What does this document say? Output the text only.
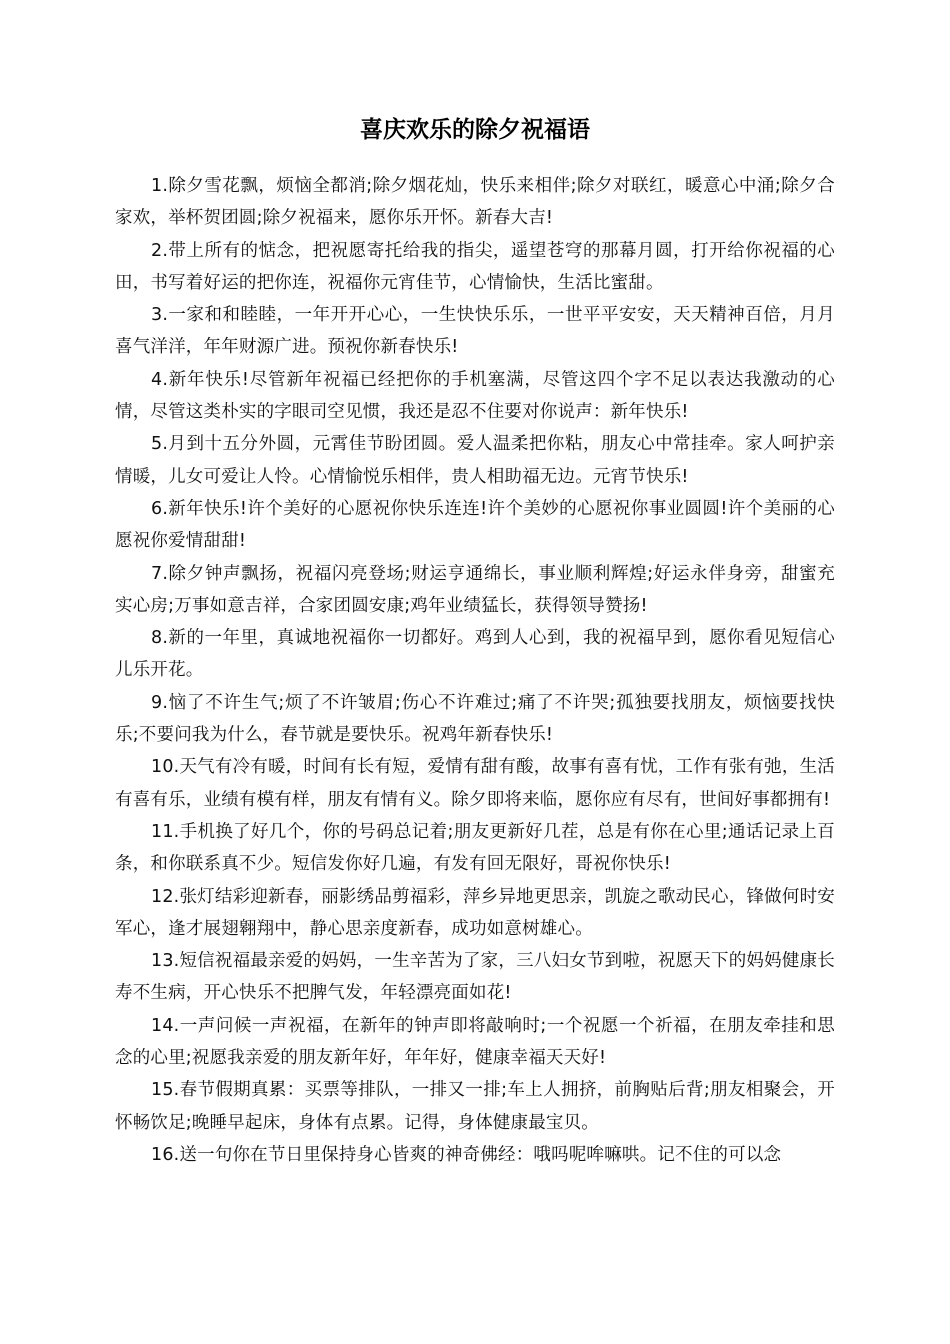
喜庆欢乐的除夕祝福语

1.除夕雪花飘，烦恼全都消;除夕烟花灿，快乐来相伴;除夕对联红，暖意心中涌;除夕合家欢，举杯贺团圆;除夕祝福来，愿你乐开怀。新春大吉!

2.带上所有的惦念，把祝愿寄托给我的指尖，遥望苍穹的那幕月圆，打开给你祝福的心田，书写着好运的把你连，祝福你元宵佳节，心情愉快，生活比蜜甜。

3.一家和和睦睦，一年开开心心，一生快快乐乐，一世平平安安，天天精神百倍，月月喜气洋洋，年年财源广进。预祝你新春快乐!

4.新年快乐!尽管新年祝福已经把你的手机塞满，尽管这四个字不足以表达我激动的心情，尽管这类朴实的字眼司空见惯，我还是忍不住要对你说声：新年快乐!

5.月到十五分外圆，元霄佳节盼团圆。爱人温柔把你粘，朋友心中常挂牵。家人呵护亲情暖，儿女可爱让人怜。心情愉悦乐相伴，贵人相助福无边。元宵节快乐!

6.新年快乐!许个美好的心愿祝你快乐连连!许个美妙的心愿祝你事业圆圆!许个美丽的心愿祝你爱情甜甜!

7.除夕钟声飘扬，祝福闪亮登场;财运亨通绵长，事业顺利辉煌;好运永伴身旁，甜蜜充实心房;万事如意吉祥，合家团圆安康;鸡年业绩猛长，获得领导赞扬!

8.新的一年里，真诚地祝福你一切都好。鸡到人心到，我的祝福早到，愿你看见短信心儿乐开花。

9.恼了不许生气;烦了不许皱眉;伤心不许难过;痛了不许哭;孤独要找朋友，烦恼要找快乐;不要问我为什么，春节就是要快乐。祝鸡年新春快乐!

10.天气有冷有暖，时间有长有短，爱情有甜有酸，故事有喜有忧，工作有张有弛，生活有喜有乐，业绩有模有样，朋友有情有义。除夕即将来临，愿你应有尽有，世间好事都拥有!

11.手机换了好几个，你的号码总记着;朋友更新好几茬，总是有你在心里;通话记录上百条，和你联系真不少。短信发你好几遍，有发有回无限好，哥祝你快乐!

12.张灯结彩迎新春，丽影绣品剪福彩，萍乡异地更思亲，凯旋之歌动民心，锋做何时安军心，逢才展翅翱翔中，静心思亲度新春，成功如意树雄心。

13.短信祝福最亲爱的妈妈，一生辛苦为了家，三八妇女节到啦，祝愿天下的妈妈健康长寿不生病，开心快乐不把脾气发，年轻漂亮面如花!

14.一声问候一声祝福，在新年的钟声即将敲响时;一个祝愿一个祈福，在朋友牵挂和思念的心里;祝愿我亲爱的朋友新年好，年年好，健康幸福天天好!

15.春节假期真累：买票等排队，一排又一排;车上人拥挤，前胸贴后背;朋友相聚会，开怀畅饮足;晚睡早起床，身体有点累。记得，身体健康最宝贝。

16.送一句你在节日里保持身心皆爽的神奇佛经：哦吗呢哞嘛哄。记不住的可以念
